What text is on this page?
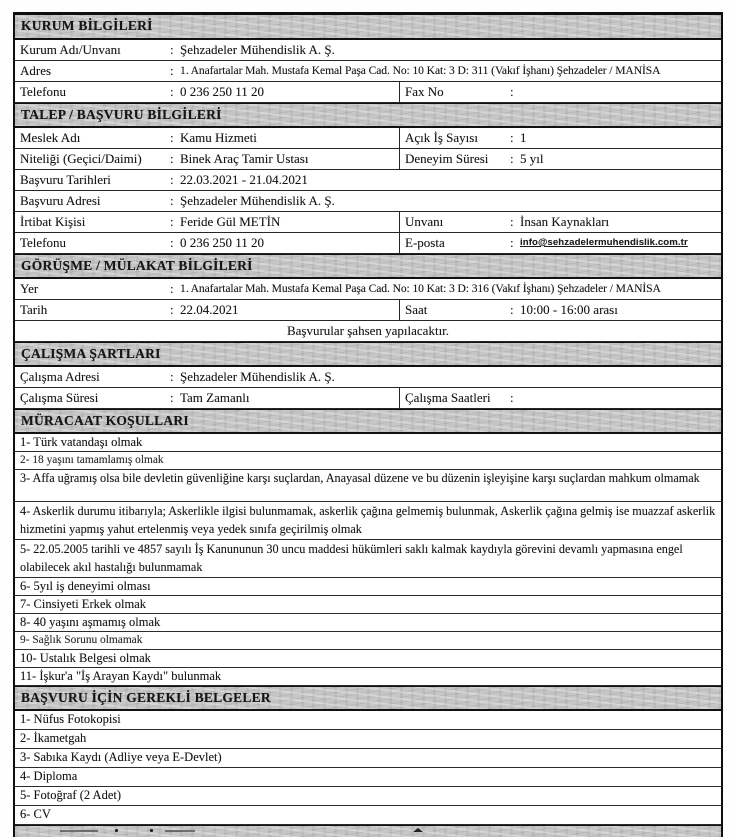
KURUM BİLGİLERİ
Kurum Adı/Unvanı	: Şehzadeler Mühendislik A. Ş.
Adres	: 1. Anafartalar Mah. Mustafa Kemal Paşa Cad. No: 10 Kat: 3 D: 311 (Vakıf İşhanı) Şehzadeler / MANİSA
Telefonu	: 0 236 250 11 20	Fax No	:
TALEP / BAŞVURU BİLGİLERİ
Meslek Adı	: Kamu Hizmeti	Açık İş Sayısı : 1
Niteliği (Geçici/Daimi) : Binek Araç Tamir Ustası	Deneyim Süresi : 5 yıl
Başvuru Tarihleri	: 22.03.2021 - 21.04.2021
Başvuru Adresi	: Şehzadeler Mühendislik A. Ş.
İrtibat Kişisi	: Feride Gül METİN	Unvanı	: İnsan Kaynakları
Telefonu	: 0 236 250 11 20	E-posta	: info@sehzadelermuhendislik.com.tr
GÖRÜŞME / MÜLAKAT BİLGİLERİ
Yer	: 1. Anafartalar Mah. Mustafa Kemal Paşa Cad. No: 10 Kat: 3 D: 316 (Vakıf İşhanı) Şehzadeler / MANİSA
Tarih	: 22.04.2021	Saat	: 10:00 - 16:00 arası
Başvurular şahsen yapılacaktır.
ÇALIŞMA ŞARTLARI
Çalışma Adresi	: Şehzadeler Mühendislik A. Ş.
Çalışma Süresi	: Tam Zamanlı	Çalışma Saatleri :
MÜRACAAT KOŞULLARI
1- Türk vatandaşı olmak
2- 18 yaşını tamamlamış olmak
3- Affa uğramış olsa bile devletin güvenliğine karşı suçlardan, Anayasal düzene ve bu düzenin işleyişine karşı suçlardan mahkum olmamak
4- Askerlik durumu itibarıyla; Askerlikle ilgisi bulunmamak, askerlik çağına gelmemiş bulunmak, Askerlik çağına gelmiş ise muazzaf askerlik hizmetini yapmış yahut ertelenmiş veya yedek sınıfa geçirilmiş olmak
5- 22.05.2005 tarihli ve 4857 sayılı İş Kanununun 30 uncu maddesi hükümleri saklı kalmak kaydıyla görevini devamlı yapmasına engel olabilecek akıl hastalığı bulunmamak
6- 5yıl iş deneyimi olması
7- Cinsiyeti Erkek olmak
8- 40 yaşını aşmamış olmak
9- Sağlık Sorunu olmamak
10- Ustalık Belgesi olmak
11- İşkur'a "İş Arayan Kaydı" bulunmak
BAŞVURU İÇİN GEREKLİ BELGELER
1- Nüfus Fotokopisi
2- İkametgah
3- Sabıka Kaydı (Adliye veya E-Devlet)
4- Diploma
5- Fotoğraf (2 Adet)
6- CV
